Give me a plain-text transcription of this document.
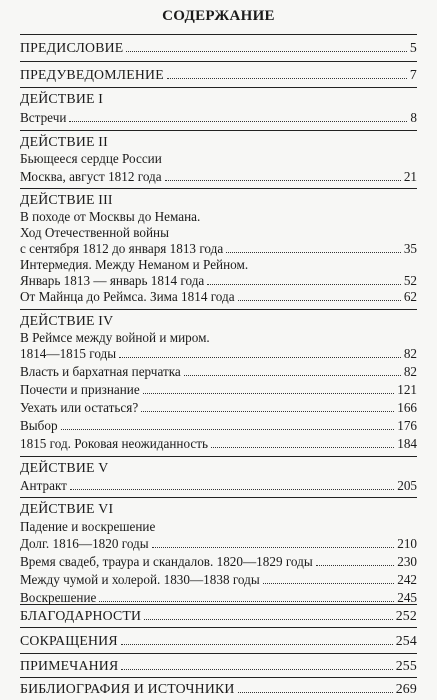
СОДЕРЖАНИЕ
ПРЕДИСЛОВИЕ	5
ПРЕДУВЕДОМЛЕНИЕ	7
ДЕЙСТВИЕ I
Встречи	8
ДЕЙСТВИЕ II
Бьющееся сердце России
Москва, август 1812 года	21
ДЕЙСТВИЕ III
В походе от Москвы до Немана.
Ход Отечественной войны
с сентября 1812 до января 1813 года	35
Интермедия. Между Неманом и Рейном.
Январь 1813 — январь 1814 года	52
От Майнца до Реймса. Зима 1814 года	62
ДЕЙСТВИЕ IV
В Реймсе между войной и миром.
1814—1815 годы	82
Власть и бархатная перчатка	82
Почести и признание	121
Уехать или остаться?	166
Выбор	176
1815 год. Роковая неожиданность	184
ДЕЙСТВИЕ V
Антракт	205
ДЕЙСТВИЕ VI
Падение и воскрешение
Долг. 1816—1820 годы	210
Время свадеб, траура и скандалов. 1820—1829 годы	230
Между чумой и холерой. 1830—1838 годы	242
Воскрешение	245
БЛАГОДАРНОСТИ	252
СОКРАЩЕНИЯ	254
ПРИМЕЧАНИЯ	255
БИБЛИОГРАФИЯ И ИСТОЧНИКИ	269
